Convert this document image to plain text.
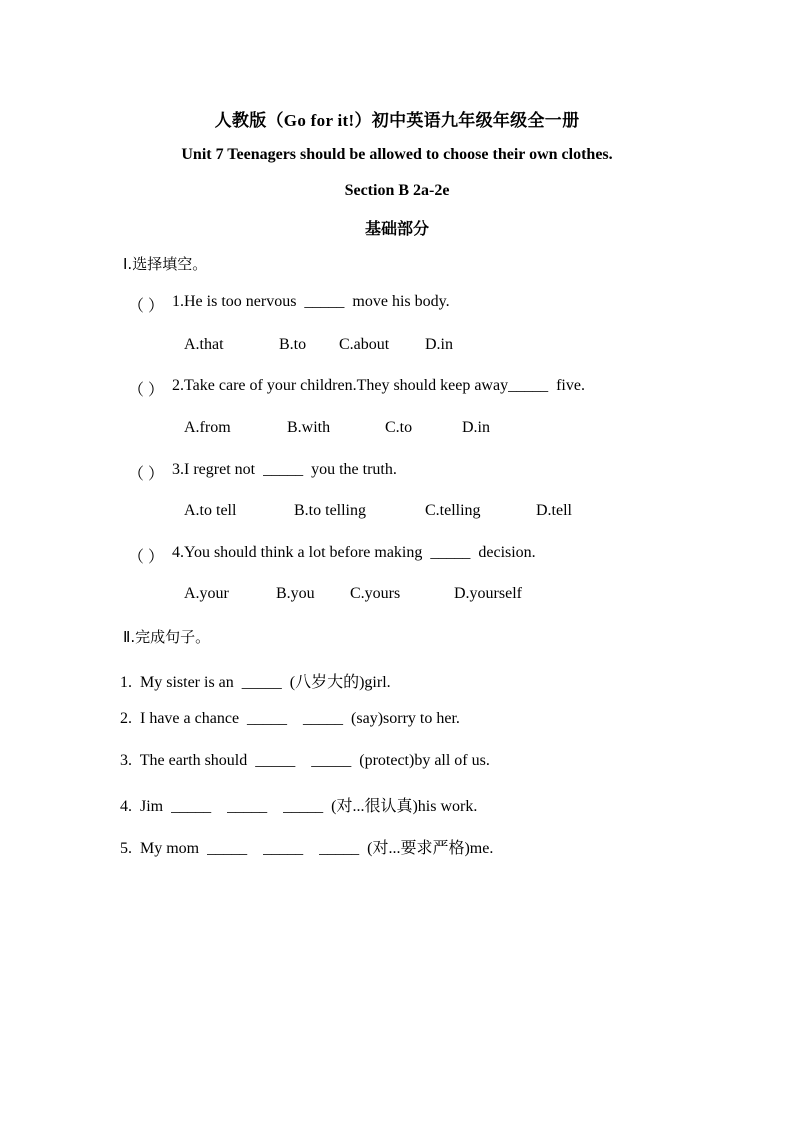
人教版（Go for it!）初中英语九年级年级全一册
Unit 7 Teenagers should be allowed to choose their own clothes.
Section B 2a-2e
基础部分
Ⅰ.选择填空。
（ ） 1.He is too nervous  _____  move his body.
A.that	B.to C.about D.in
（ ） 2.Take care of your children.They should keep away_____  five.
A.from	B.with	C.to	D.in
（ ） 3.I regret not  _____  you the truth.
A.to tell	B.to telling	C.telling	D.tell
（ ） 4.You should think a lot before making  _____  decision.
A.your	B.you C.yours	D.yourself
Ⅱ.完成句子。
1.  My sister is an  _____  (八岁大的)girl.
2.  I have a chance  _____    _____  (say)sorry to her.
3.  The earth should  _____    _____  (protect)by all of us.
4.  Jim  _____    _____    _____  (对...很认真)his work.
5.  My mom  _____    _____    _____  (对...要求严格)me.
